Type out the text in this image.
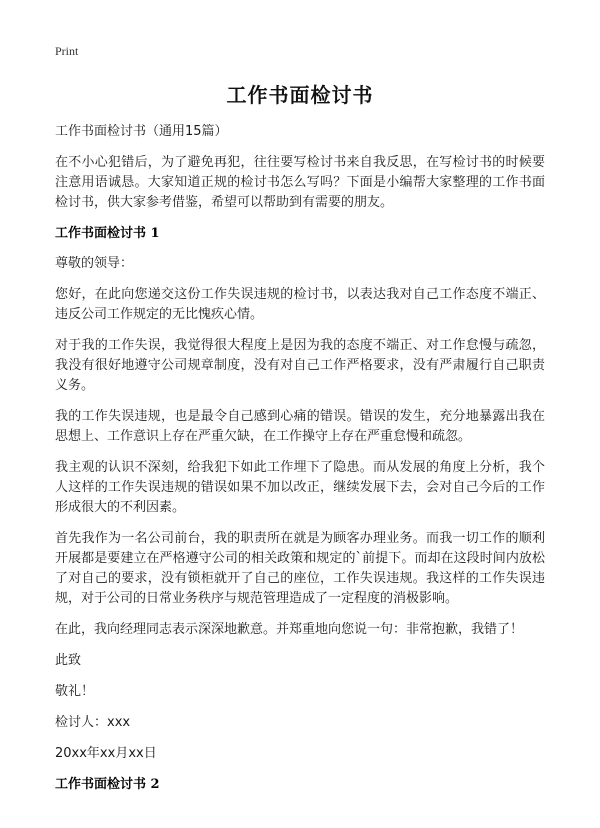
Print
工作书面检讨书
工作书面检讨书（通用15篇）
在不小心犯错后，为了避免再犯，往往要写检讨书来自我反思，在写检讨书的时候要注意用语诚恳。大家知道正规的检讨书怎么写吗？下面是小编帮大家整理的工作书面检讨书，供大家参考借鉴，希望可以帮助到有需要的朋友。
工作书面检讨书 1
尊敬的领导：
您好，在此向您递交这份工作失误违规的检讨书，以表达我对自己工作态度不端正、违反公司工作规定的无比愧疚心情。
对于我的工作失误，我觉得很大程度上是因为我的态度不端正、对工作怠慢与疏忽，我没有很好地遵守公司规章制度，没有对自己工作严格要求，没有严肃履行自己职责义务。
我的工作失误违规，也是最令自己感到心痛的错误。错误的发生，充分地暴露出我在思想上、工作意识上存在严重欠缺，在工作操守上存在严重怠慢和疏忽。
我主观的认识不深刻，给我犯下如此工作埋下了隐患。而从发展的角度上分析，我个人这样的工作失误违规的错误如果不加以改正，继续发展下去，会对自己今后的工作形成很大的不利因素。
首先我作为一名公司前台，我的职责所在就是为顾客办理业务。而我一切工作的顺利开展都是要建立在严格遵守公司的相关政策和规定的`前提下。而却在这段时间内放松了对自己的要求，没有锁柜就开了自己的座位，工作失误违规。我这样的工作失误违规，对于公司的日常业务秩序与规范管理造成了一定程度的消极影响。
在此，我向经理同志表示深深地歉意。并郑重地向您说一句：非常抱歉，我错了！
此致
敬礼！
检讨人：xxx
20xx年xx月xx日
工作书面检讨书 2
